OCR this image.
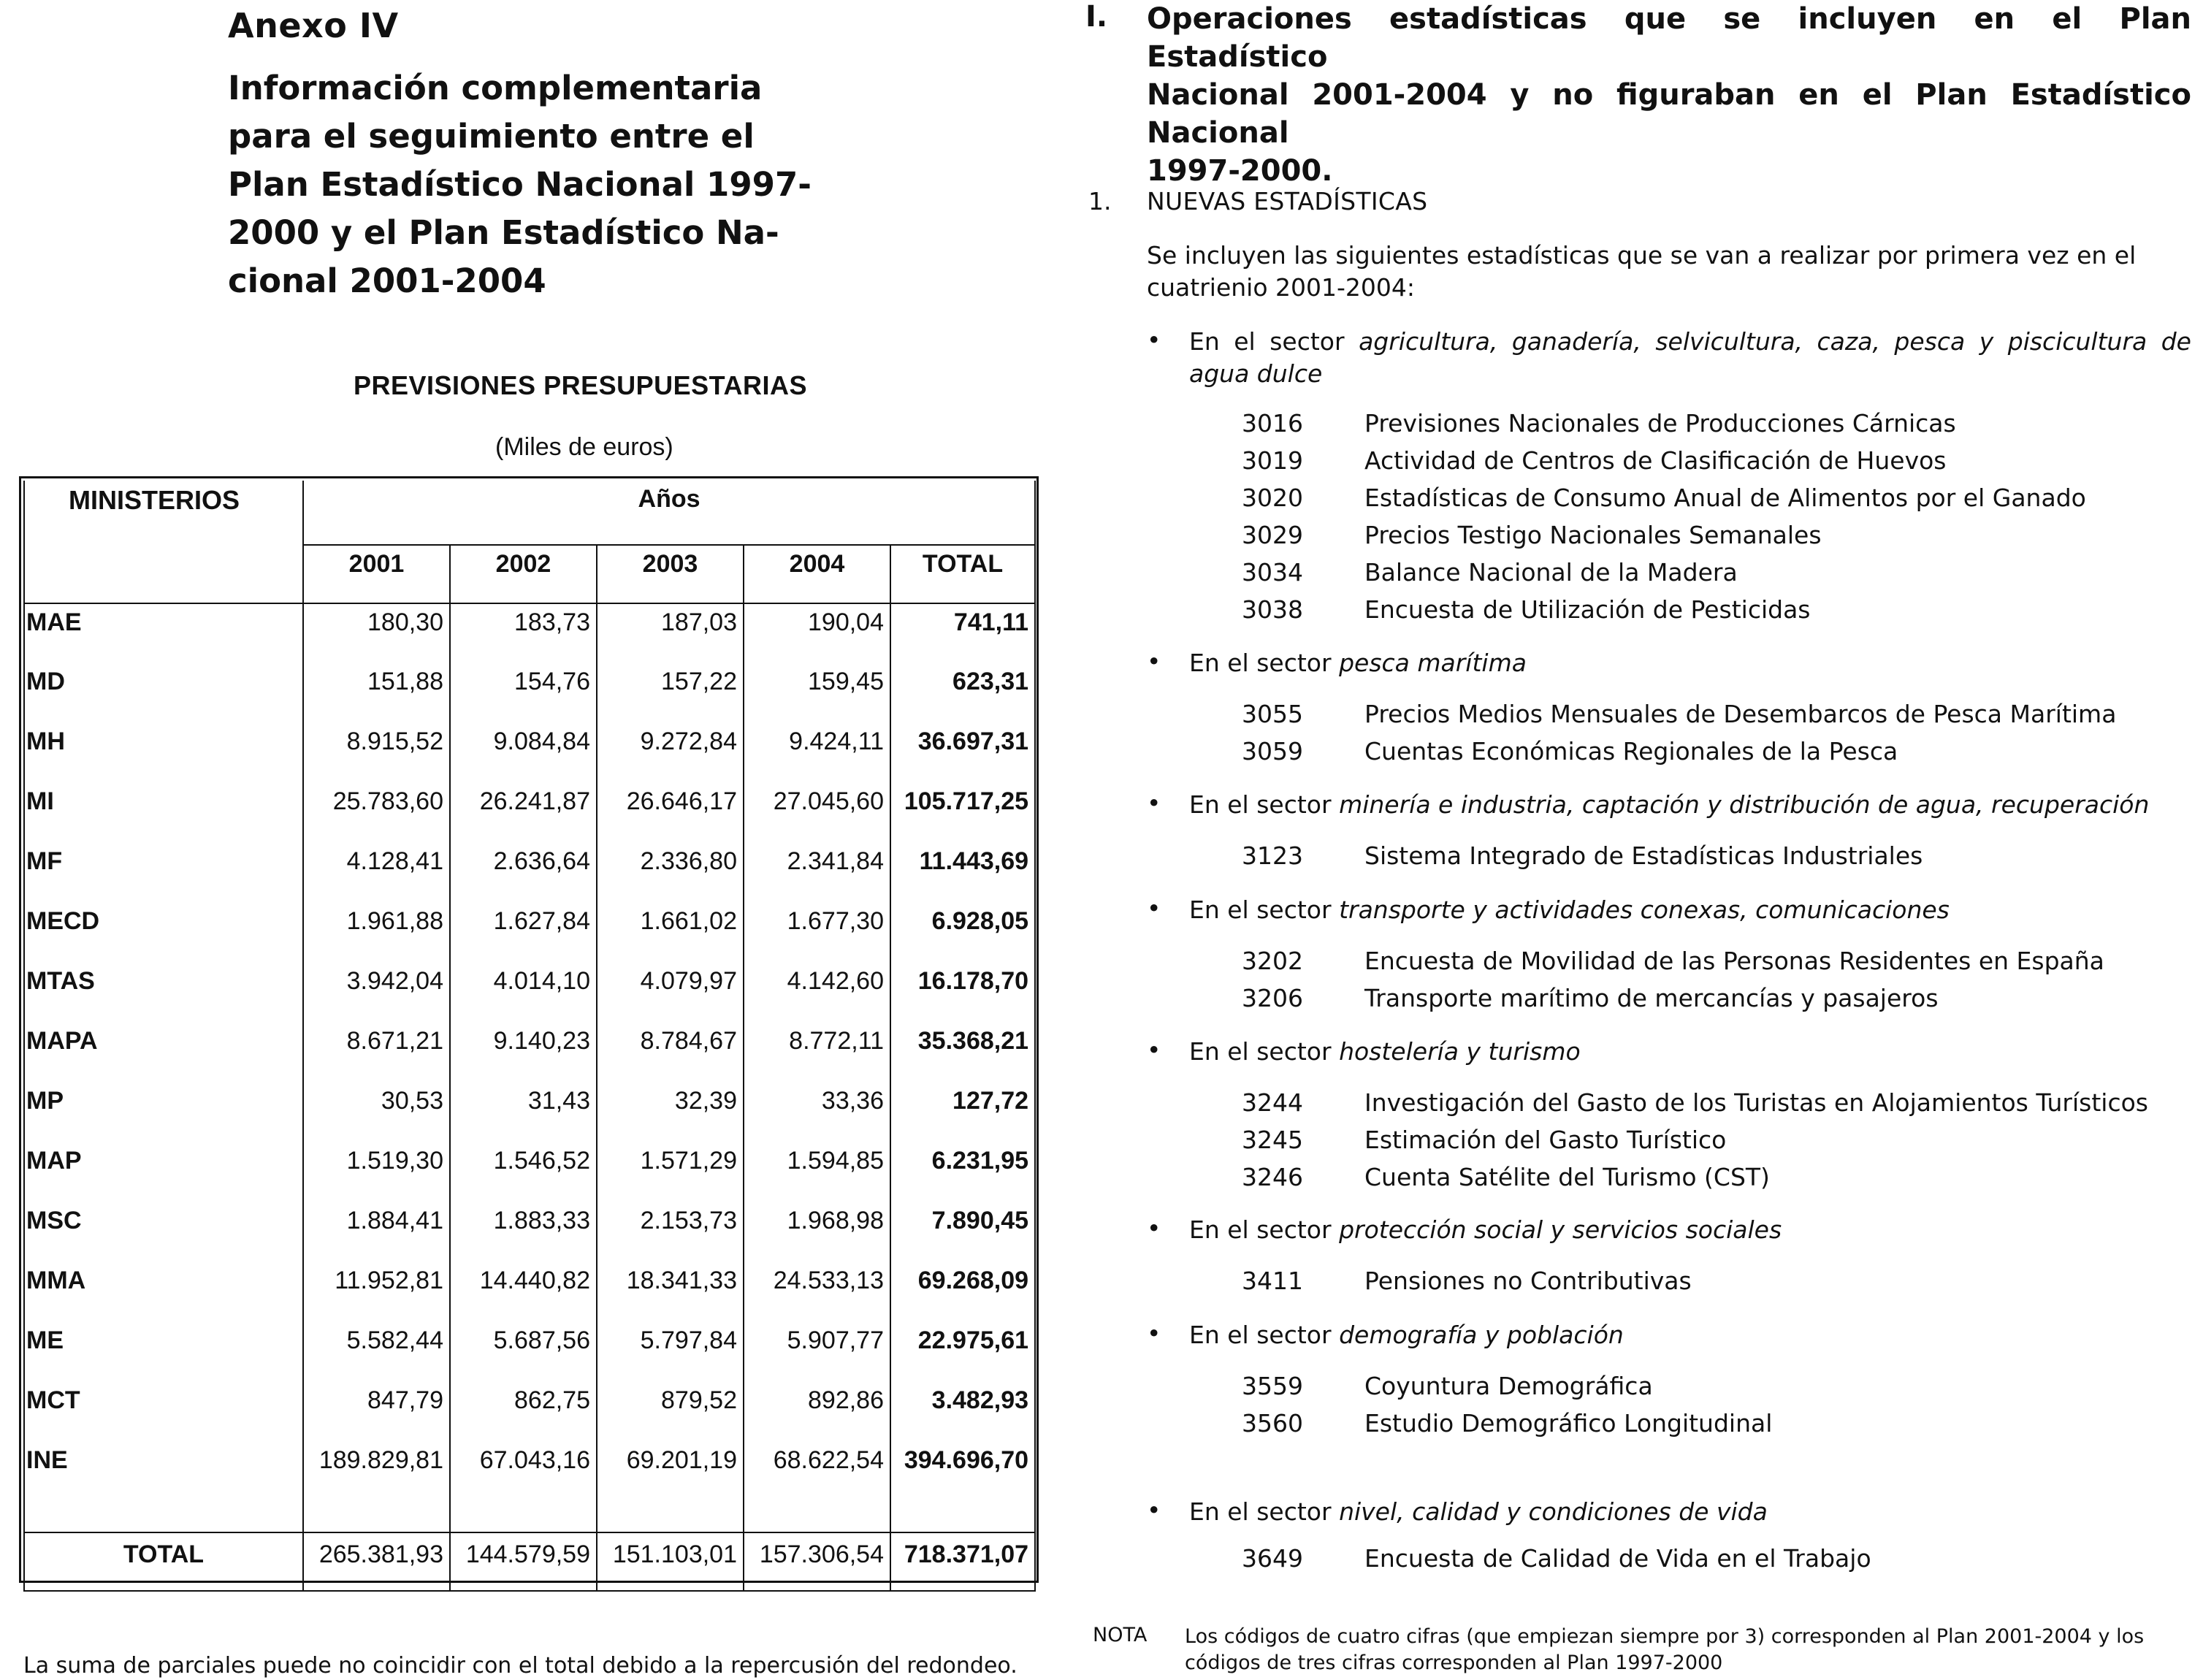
Anexo IV
Información complementaria
para el seguimiento entre el
Plan Estadístico Nacional 1997-
2000 y el Plan Estadístico Na-
cional 2001-2004
PREVISIONES PRESUPUESTARIAS
(Miles de euros)
MINISTERIOS	Años				
	2001	2002	2003	2004	TOTAL
MAE	180,30	183,73	187,03	190,04	741,11
MD	151,88	154,76	157,22	159,45	623,31
MH	8.915,52	9.084,84	9.272,84	9.424,11	36.697,31
MI	25.783,60	26.241,87	26.646,17	27.045,60	105.717,25
MF	4.128,41	2.636,64	2.336,80	2.341,84	11.443,69
MECD	1.961,88	1.627,84	1.661,02	1.677,30	6.928,05
MTAS	3.942,04	4.014,10	4.079,97	4.142,60	16.178,70
MAPA	8.671,21	9.140,23	8.784,67	8.772,11	35.368,21
MP	30,53	31,43	32,39	33,36	127,72
MAP	1.519,30	1.546,52	1.571,29	1.594,85	6.231,95
MSC	1.884,41	1.883,33	2.153,73	1.968,98	7.890,45
MMA	11.952,81	14.440,82	18.341,33	24.533,13	69.268,09
ME	5.582,44	5.687,56	5.797,84	5.907,77	22.975,61
MCT	847,79	862,75	879,52	892,86	3.482,93
INE	189.829,81	67.043,16	69.201,19	68.622,54	394.696,70

TOTAL	265.381,93	144.579,59	151.103,01	157.306,54	718.371,07
La suma de parciales puede no coincidir con el total debido a la repercusión del redondeo.
I. Operaciones estadísticas que se incluyen en el Plan Estadístico
Nacional 2001-2004 y no figuraban en el Plan Estadístico Nacional
1997-2000.
1. NUEVAS ESTADÍSTICAS
Se incluyen las siguientes estadísticas que se van a realizar por primera vez en el cuatrienio 2001-2004:
• En el sector agricultura, ganadería, selvicultura, caza, pesca y piscicultura de agua dulce
3016	Previsiones Nacionales de Producciones Cárnicas
3019	Actividad de Centros de Clasificación de Huevos
3020	Estadísticas de Consumo Anual de Alimentos por el Ganado
3029	Precios Testigo Nacionales Semanales
3034	Balance Nacional de la Madera
3038	Encuesta de Utilización de Pesticidas
• En el sector pesca marítima
3055	Precios Medios Mensuales de Desembarcos de Pesca Marítima
3059	Cuentas Económicas Regionales de la Pesca
• En el sector minería e industria, captación y distribución de agua, recuperación
3123	Sistema Integrado de Estadísticas Industriales
• En el sector transporte y actividades conexas, comunicaciones
3202	Encuesta de Movilidad de las Personas Residentes en España
3206	Transporte marítimo de mercancías y pasajeros
• En el sector hostelería y turismo
3244	Investigación del Gasto de los Turistas en Alojamientos Turísticos
3245	Estimación del Gasto Turístico
3246	Cuenta Satélite del Turismo (CST)
• En el sector protección social y servicios sociales
3411	Pensiones no Contributivas
• En el sector demografía y población
3559	Coyuntura Demográfica
3560	Estudio Demográfico Longitudinal
• En el sector nivel, calidad y condiciones de vida
3649	Encuesta de Calidad de Vida en el Trabajo
NOTA Los códigos de cuatro cifras (que empiezan siempre por 3) corresponden al Plan 2001-2004 y los
códigos de tres cifras corresponden al Plan 1997-2000
